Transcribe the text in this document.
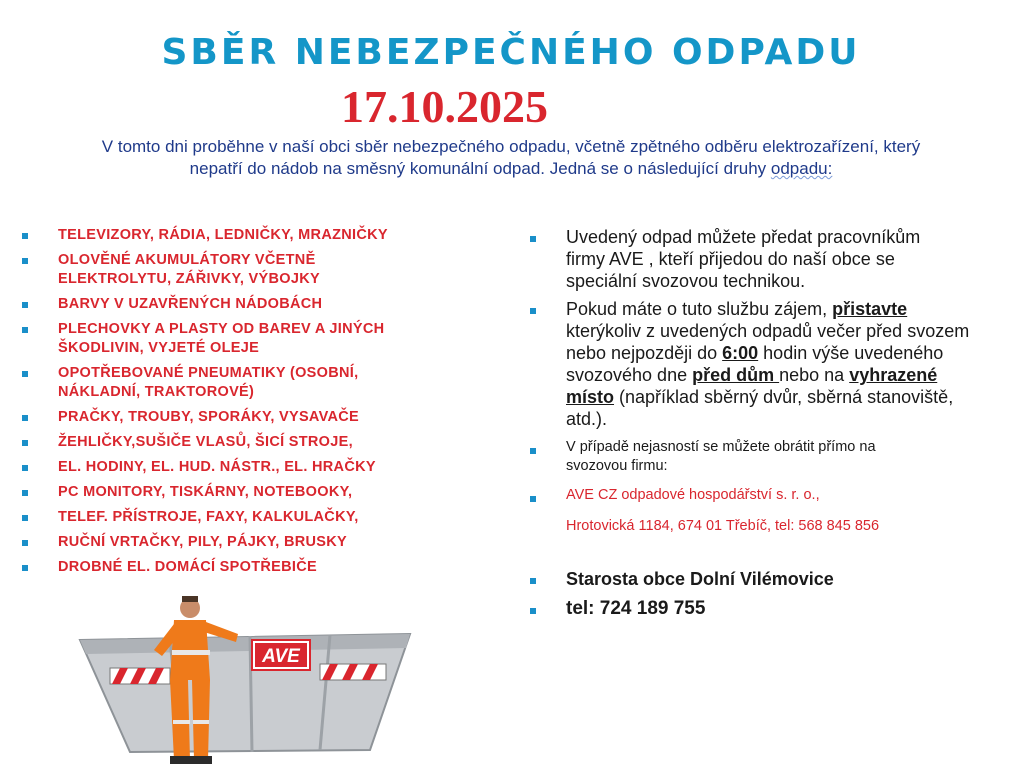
SBĚR NEBEZPEČNÉHO ODPADU
17.10.2025
V tomto dni proběhne v naší obci sběr nebezpečného odpadu, včetně zpětného odběru elektrozařízení, který
nepatří do nádob na směsný komunální odpad. Jedná se o následující druhy odpadu:
TELEVIZORY, RÁDIA, LEDNIČKY, MRAZNIČKY
OLOVĚNÉ AKUMULÁTORY VČETNĚ ELEKTROLYTU, ZÁŘIVKY, VÝBOJKY
BARVY V UZAVŘENÝCH NÁDOBÁCH
PLECHOVKY A PLASTY OD BAREV A JINÝCH ŠKODLIVIN, VYJETÉ OLEJE
OPOTŘEBOVANÉ PNEUMATIKY (OSOBNÍ, NÁKLADNÍ, TRAKTOROVÉ)
PRAČKY, TROUBY, SPORÁKY, VYSAVAČE
ŽEHLIČKY,SUŠIČE VLASŮ, ŠICÍ STROJE,
EL. HODINY, EL. HUD. NÁSTR., EL. HRAČKY
PC MONITORY, TISKÁRNY, NOTEBOOKY,
TELEF. PŘÍSTROJE, FAXY, KALKULAČKY,
RUČNÍ VRTAČKY, PILY, PÁJKY, BRUSKY
DROBNÉ EL. DOMÁCÍ SPOTŘEBIČE
Uvedený odpad můžete předat pracovníkům firmy AVE , kteří přijedou do naší obce se speciální svozovou technikou.
Pokud máte o tuto službu zájem, přistavte kterýkoliv z uvedených odpadů večer před svozem nebo nejpozději do 6:00 hodin výše uvedeného svozového dne před dům nebo na vyhrazené místo (například sběrný dvůr, sběrná stanoviště, atd.).
V případě nejasností se můžete obrátit přímo na svozovou firmu:
AVE CZ odpadové hospodářství s. r. o.,
Hrotovická 1184, 674 01 Třebíč, tel: 568 845 856
Starosta obce Dolní Vilémovice
tel: 724 189 755
AVE
